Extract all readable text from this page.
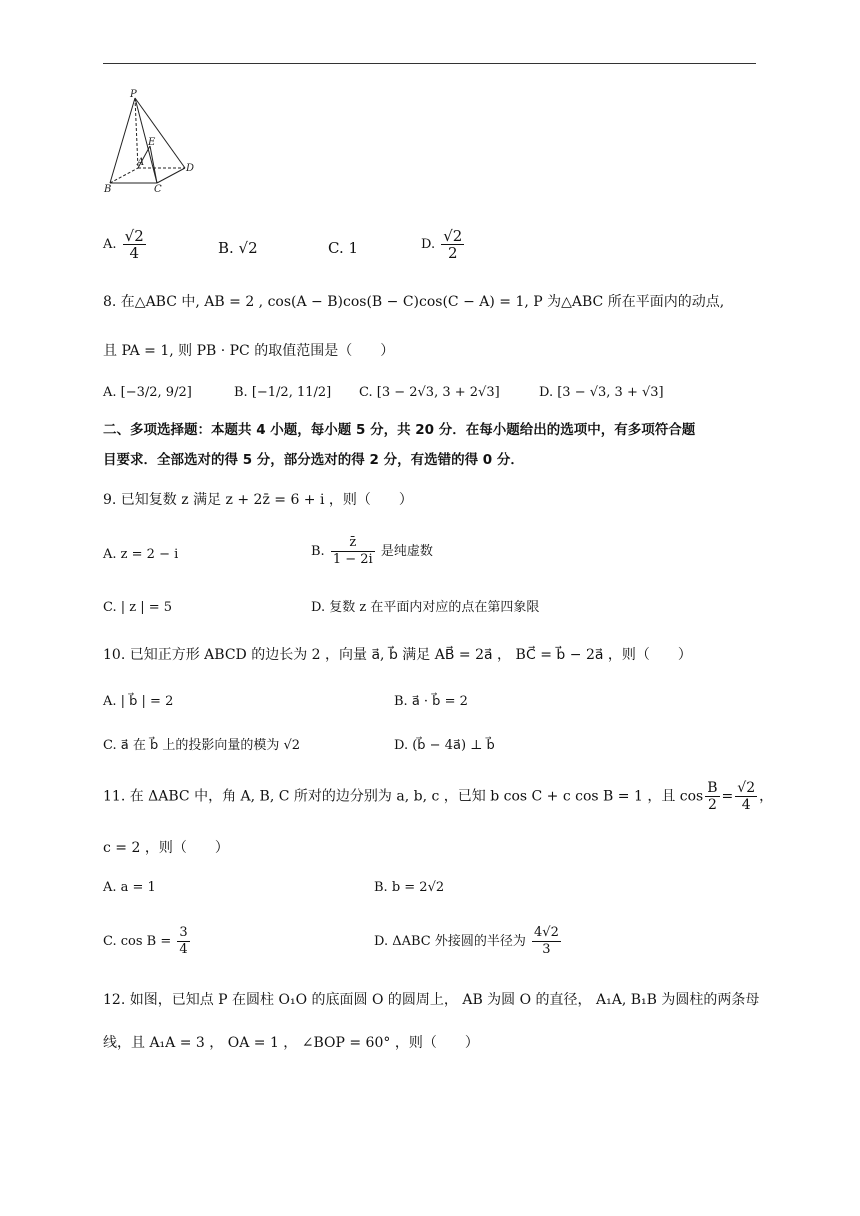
P
E
A
D
B	C
A. $\frac{√2}{4}$	B. √2	C. 1	D. $\frac{√2}{2}$
8. 在△ABC 中, AB = 2 , cos(A − B)cos(B − C)cos(C − A) = 1, P 为△ABC 所在平面内的动点,
且 PA = 1, 则 PB · PC 的取值范围是（　　）
A. [−3/2, 9/2]	B. [−1/2, 11/2] C. [3 − 2√3, 3 + 2√3]	D. [3 − √3, 3 + √3]
二、多项选择题：本题共 4 小题，每小题 5 分，共 20 分．在每小题给出的选项中，有多项符合题
目要求．全部选对的得 5 分，部分选对的得 2 分，有选错的得 0 分．
9. 已知复数 z 满足 z + 2z̄ = 6 + i ，则（　　）
A. z = 2 − i	B. $\frac{z̄}{1 - 2i}$ 是纯虚数
C. | z | = 5	D. 复数 z 在平面内对应的点在第四象限
10. 已知正方形 ABCD 的边长为 2 ，向量 a⃗, b⃗ 满足 AB⃗ = 2a⃗ ， BC⃗ = b⃗ − 2a⃗ ，则（　　）
A. | b⃗ | = 2	B. a⃗ · b⃗ = 2
C. a⃗ 在 b⃗ 上的投影向量的模为 √2	D. (b⃗ − 4a⃗) ⊥ b⃗
11. 在 ΔABC 中，角 A, B, C 所对的边分别为 a, b, c ，已知 b cos C + c cos B = 1 ，且 $\cos \frac{B}{2} = \frac{√2}{4}$ ，
c = 2 ，则（　　）
A. a = 1	B. b = 2√2
C. $\cos B = \frac{3}{4}$	D. ΔABC 外接圆的半径为 $\frac{4√2}{3}$
12. 如图，已知点 P 在圆柱 O₁O 的底面圆 O 的圆周上， AB 为圆 O 的直径， A₁A, B₁B 为圆柱的两条母
线，且 A₁A = 3 ， OA = 1 ， ∠BOP = 60° ，则（　　）
